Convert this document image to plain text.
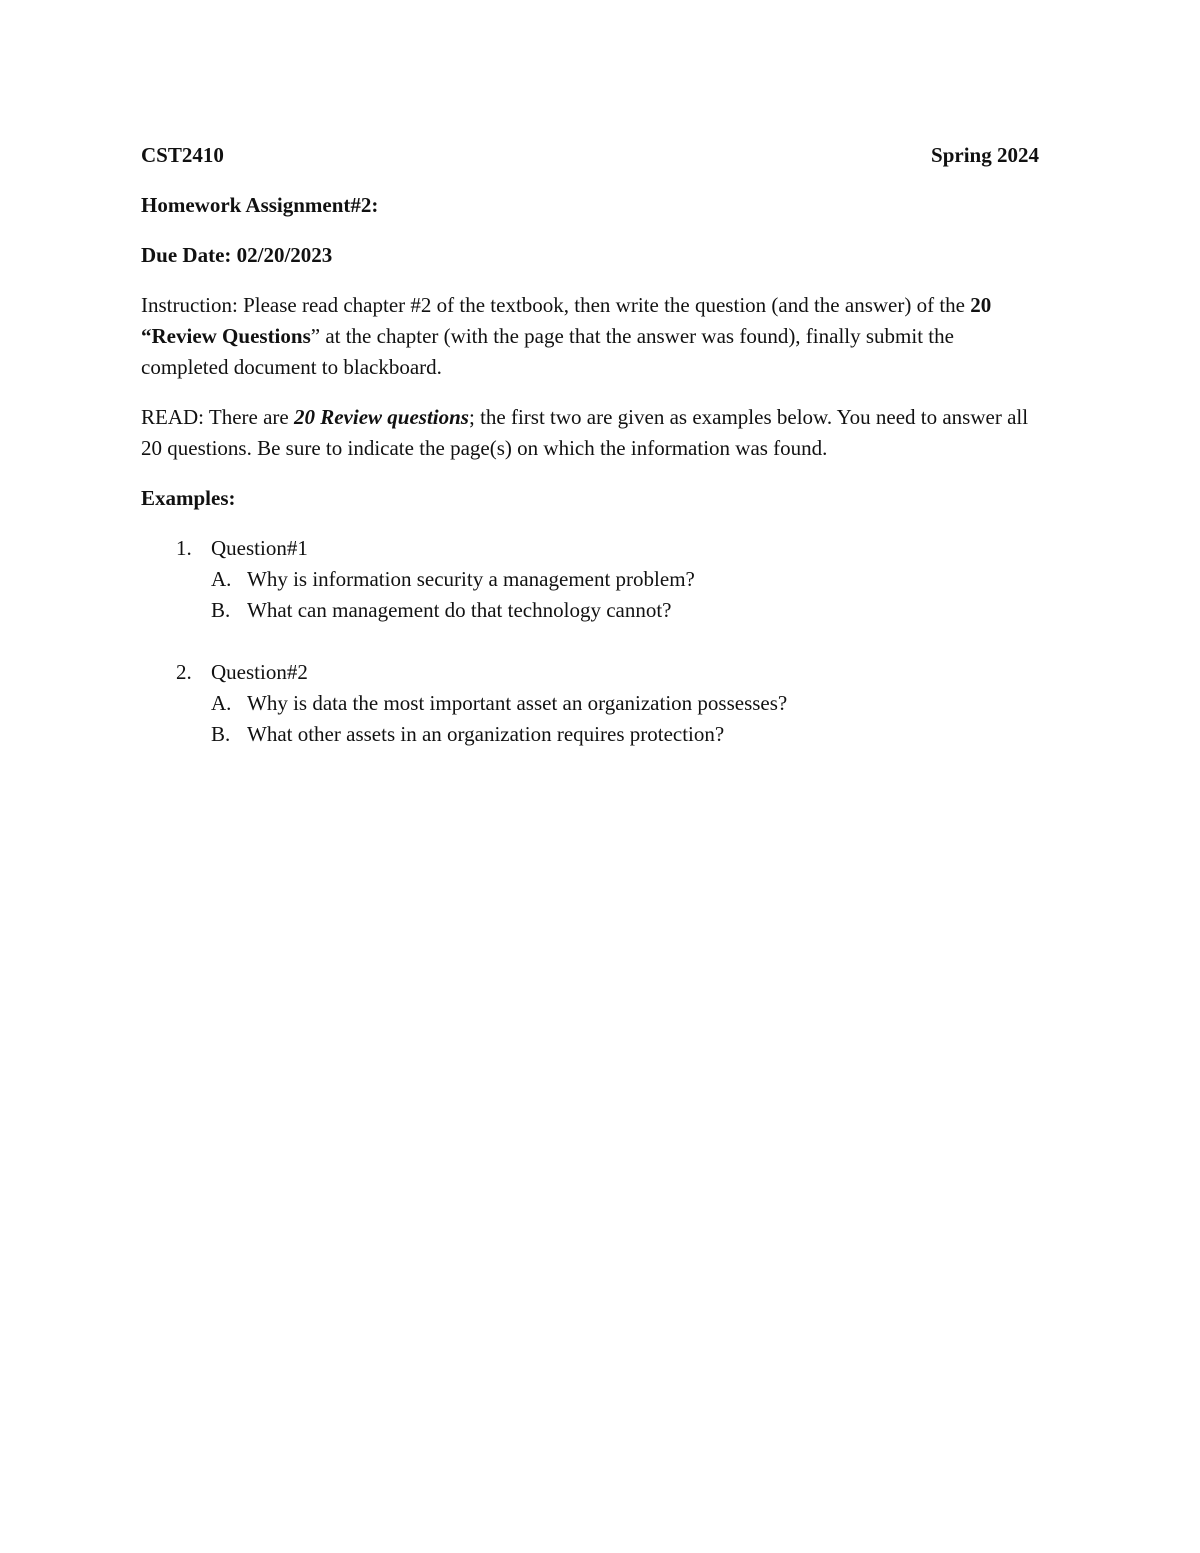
CST2410	Spring 2024
Homework Assignment#2:
Due Date: 02/20/2023

Instruction: Please read chapter #2 of the textbook, then write the question (and the answer) of the 20 “Review Questions” at the chapter (with the page that the answer was found), finally submit the completed document to blackboard.

READ: There are 20 Review questions; the first two are given as examples below. You need to answer all 20 questions. Be sure to indicate the page(s) on which the information was found.

Examples:
1. Question#1
A. Why is information security a management problem?
B. What can management do that technology cannot?
2. Question#2
A. Why is data the most important asset an organization possesses?
B. What other assets in an organization requires protection?
